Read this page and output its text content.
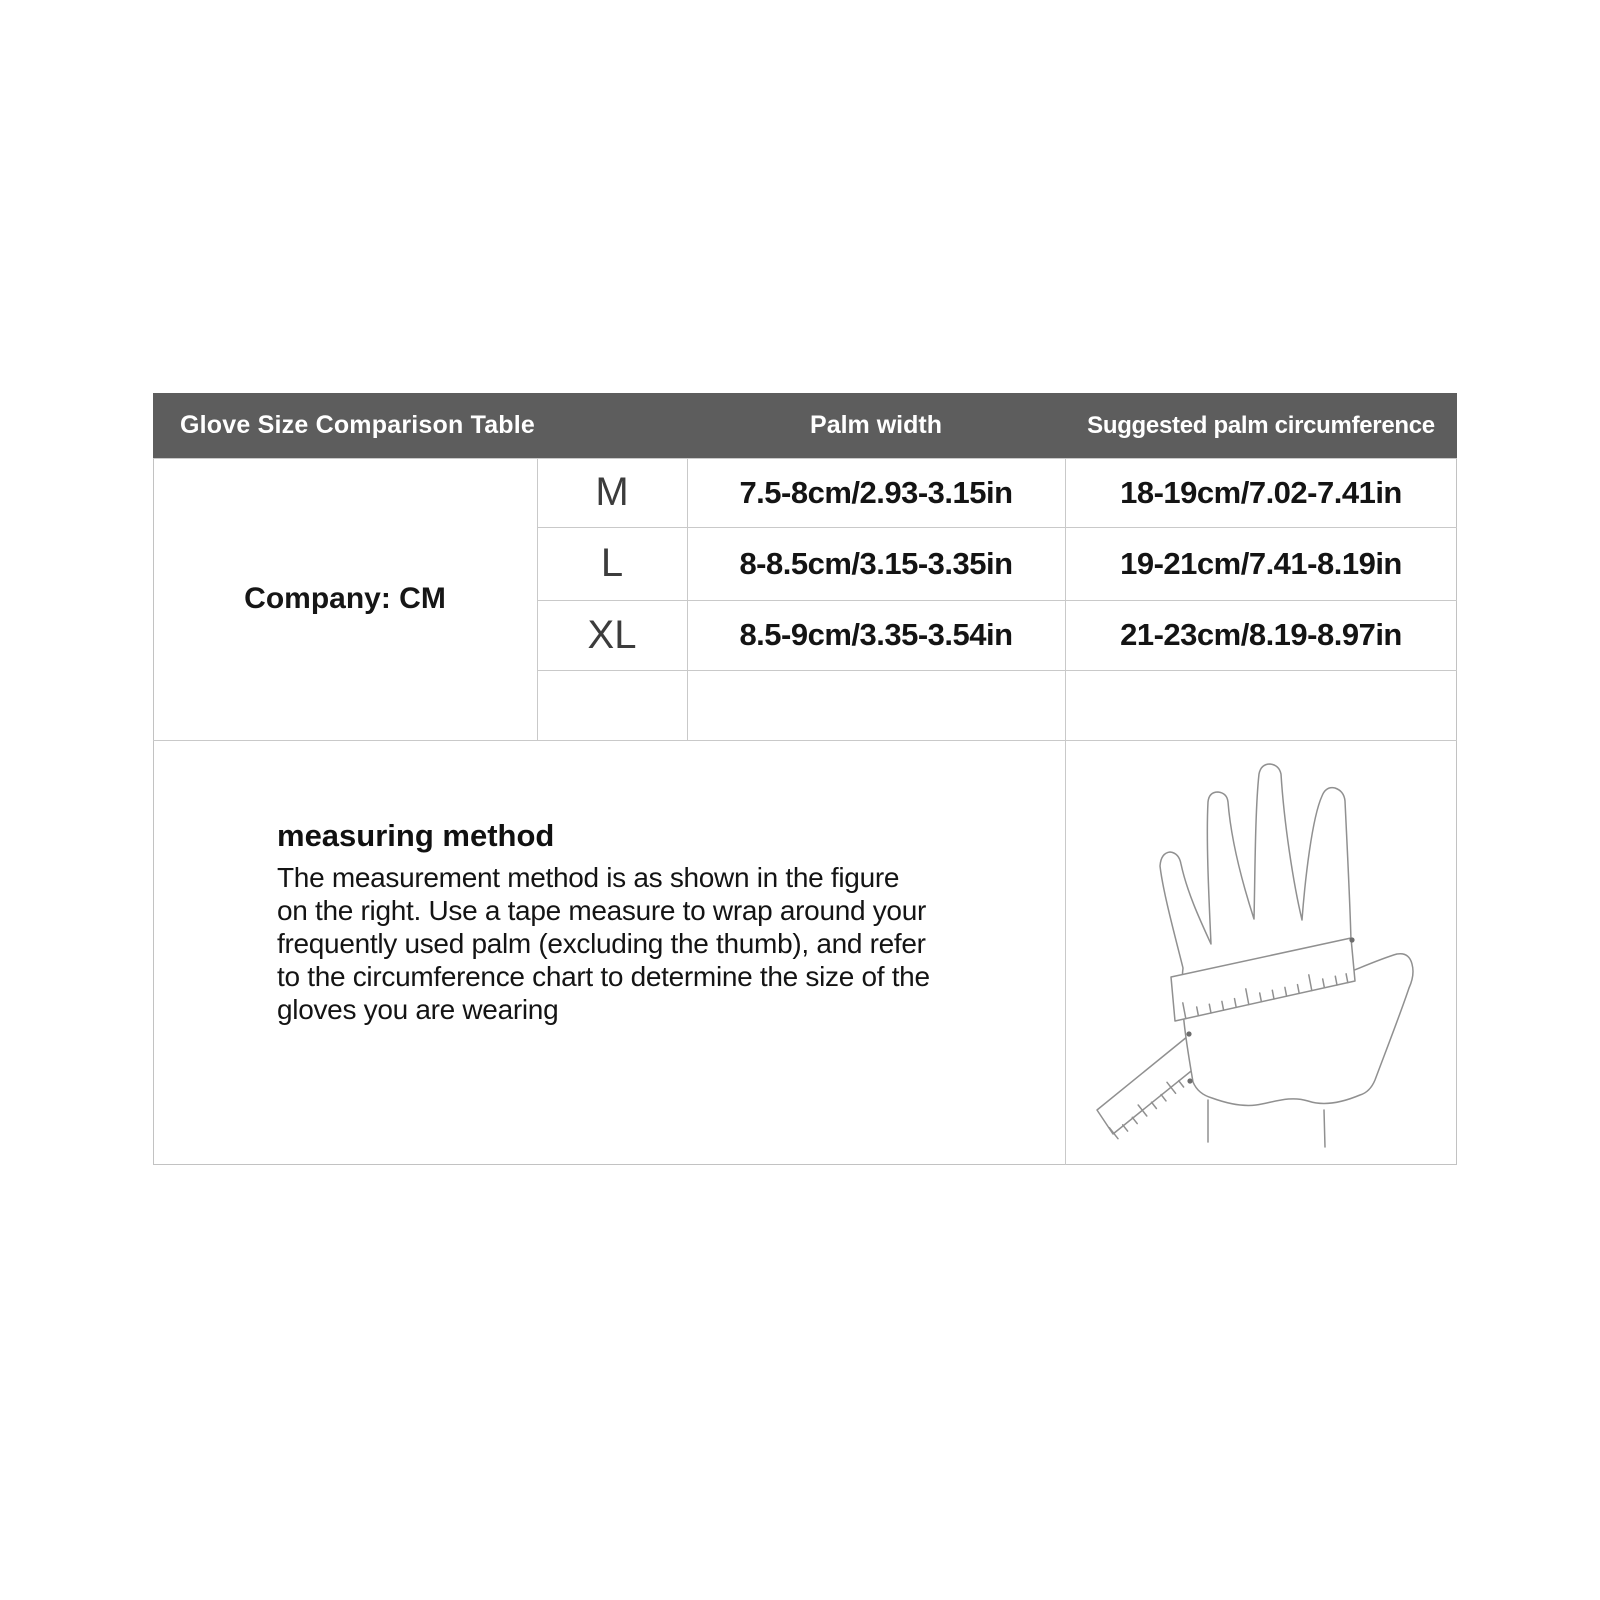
Glove Size Comparison Table	Palm width	Suggested palm circumference
Company: CM
M	7.5-8cm/2.93-3.15in	18-19cm/7.02-7.41in
L	8-8.5cm/3.15-3.35in	19-21cm/7.41-8.19in
XL	8.5-9cm/3.35-3.54in	21-23cm/8.19-8.97in
measuring method
The measurement method is as shown in the figure
on the right. Use a tape measure to wrap around your
frequently used palm (excluding the thumb), and refer
to the circumference chart to determine the size of the
gloves you are wearing
